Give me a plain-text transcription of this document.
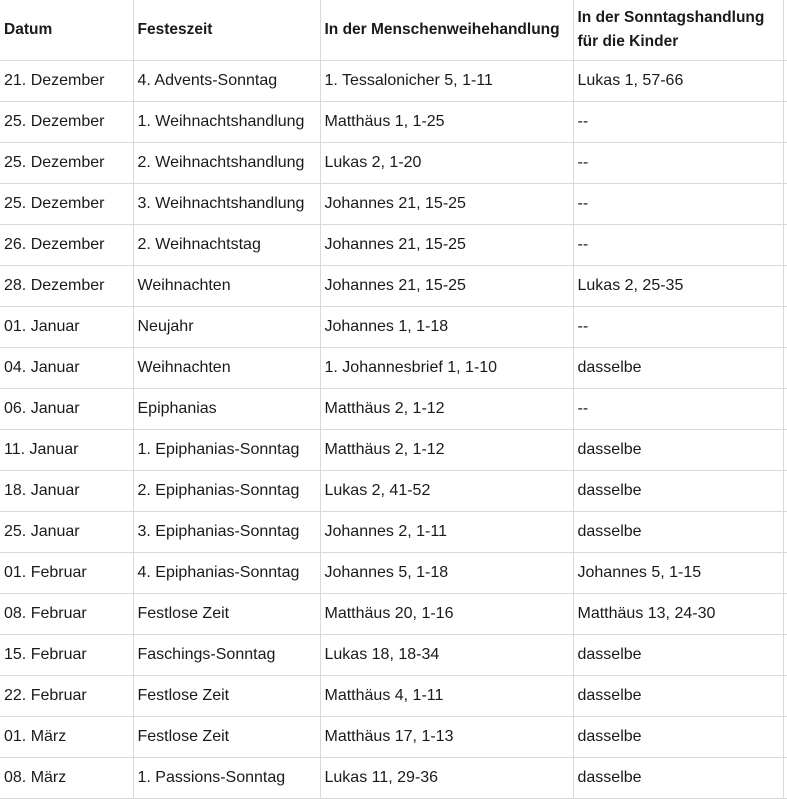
Datum	Festeszeit	In der Menschenweihehandlung	In der Sonntagshandlung für die Kinder	
21. Dezember	4. Advents-Sonntag	1. Tessalonicher 5, 1-11	Lukas 1, 57-66	
25. Dezember	1. Weihnachtshandlung	Matthäus 1, 1-25	--	
25. Dezember	2. Weihnachtshandlung	Lukas 2, 1-20	--	
25. Dezember	3. Weihnachtshandlung	Johannes 21, 15-25	--	
26. Dezember	2. Weihnachtstag	Johannes 21, 15-25	--	
28. Dezember	Weihnachten	Johannes 21, 15-25	Lukas 2, 25-35	
01. Januar	Neujahr	Johannes 1, 1-18	--	
04. Januar	Weihnachten	1. Johannesbrief 1, 1-10	dasselbe	
06. Januar	Epiphanias	Matthäus 2, 1-12	--	
11. Januar	1. Epiphanias-Sonntag	Matthäus 2, 1-12	dasselbe	
18. Januar	2. Epiphanias-Sonntag	Lukas 2, 41-52	dasselbe	
25. Januar	3. Epiphanias-Sonntag	Johannes 2, 1-11	dasselbe	
01. Februar	4. Epiphanias-Sonntag	Johannes 5, 1-18	Johannes 5, 1-15	
08. Februar	Festlose Zeit	Matthäus 20, 1-16	Matthäus 13, 24-30	
15. Februar	Faschings-Sonntag	Lukas 18, 18-34	dasselbe	
22. Februar	Festlose Zeit	Matthäus 4, 1-11	dasselbe	
01. März	Festlose Zeit	Matthäus 17, 1-13	dasselbe	
08. März	1. Passions-Sonntag	Lukas 11, 29-36	dasselbe	
